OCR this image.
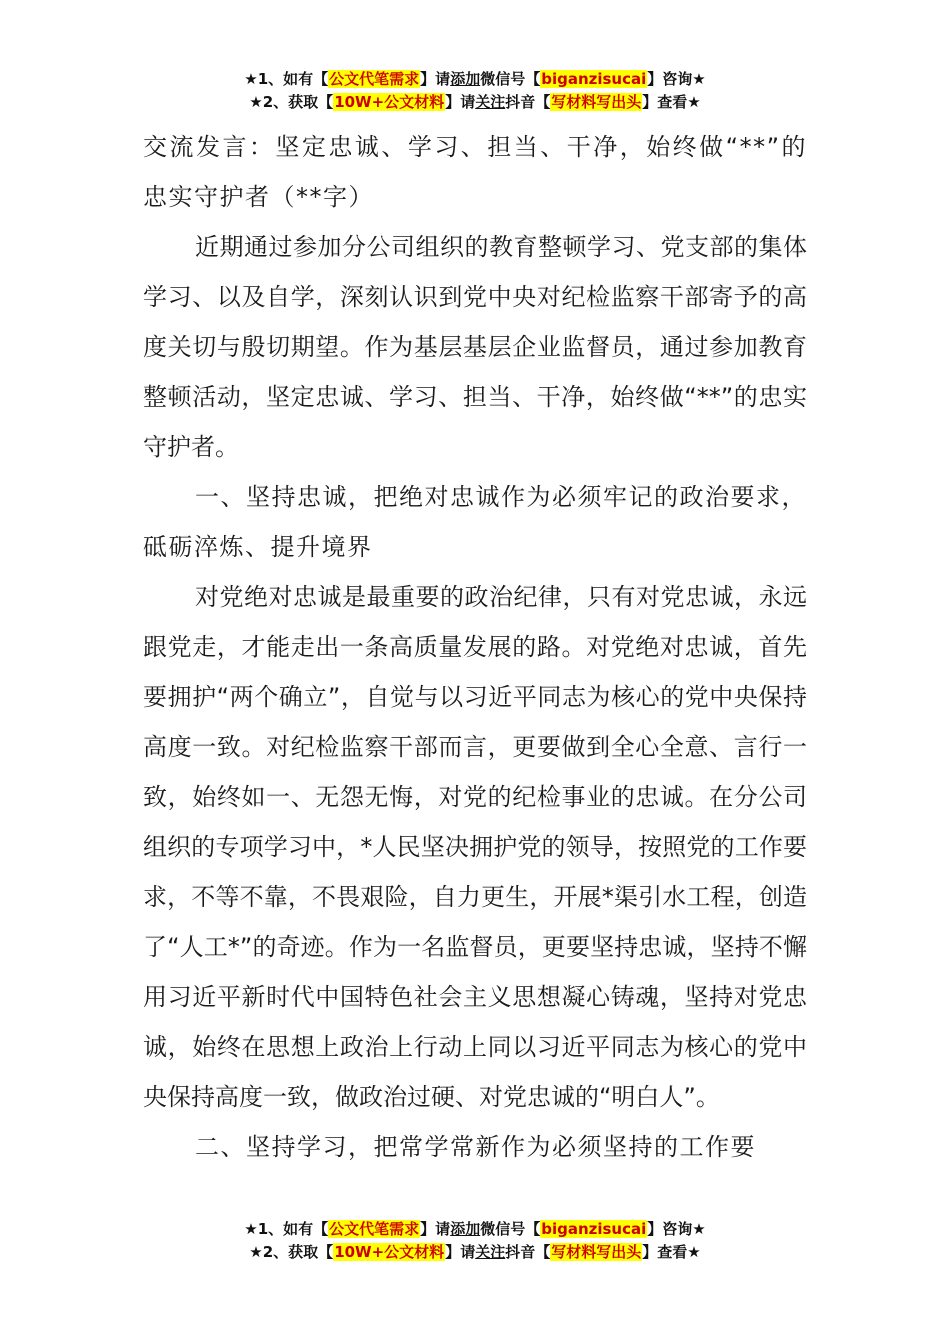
★1、如有【公文代笔需求】请添加微信号【biganzisucai】咨询★
★2、获取【10W+公文材料】请关注抖音【写材料写出头】查看★

交流发言：坚定忠诚、学习、担当、干净，始终做“**”的忠实守护者（**字）

近期通过参加分公司组织的教育整顿学习、党支部的集体学习、以及自学，深刻认识到党中央对纪检监察干部寄予的高度关切与殷切期望。作为基层基层企业监督员，通过参加教育整顿活动，坚定忠诚、学习、担当、干净，始终做“**”的忠实守护者。

一、坚持忠诚，把绝对忠诚作为必须牢记的政治要求，砥砺淬炼、提升境界

对党绝对忠诚是最重要的政治纪律，只有对党忠诚，永远跟党走，才能走出一条高质量发展的路。对党绝对忠诚，首先要拥护“两个确立”，自觉与以习近平同志为核心的党中央保持高度一致。对纪检监察干部而言，更要做到全心全意、言行一致，始终如一、无怨无悔，对党的纪检事业的忠诚。在分公司组织的专项学习中，*人民坚决拥护党的领导，按照党的工作要求，不等不靠，不畏艰险，自力更生，开展*渠引水工程，创造了“人工*”的奇迹。作为一名监督员，更要坚持忠诚，坚持不懈用习近平新时代中国特色社会主义思想凝心铸魂，坚持对党忠诚，始终在思想上政治上行动上同以习近平同志为核心的党中央保持高度一致，做政治过硬、对党忠诚的“明白人”。

二、坚持学习，把常学常新作为必须坚持的工作要

★1、如有【公文代笔需求】请添加微信号【biganzisucai】咨询★
★2、获取【10W+公文材料】请关注抖音【写材料写出头】查看★
